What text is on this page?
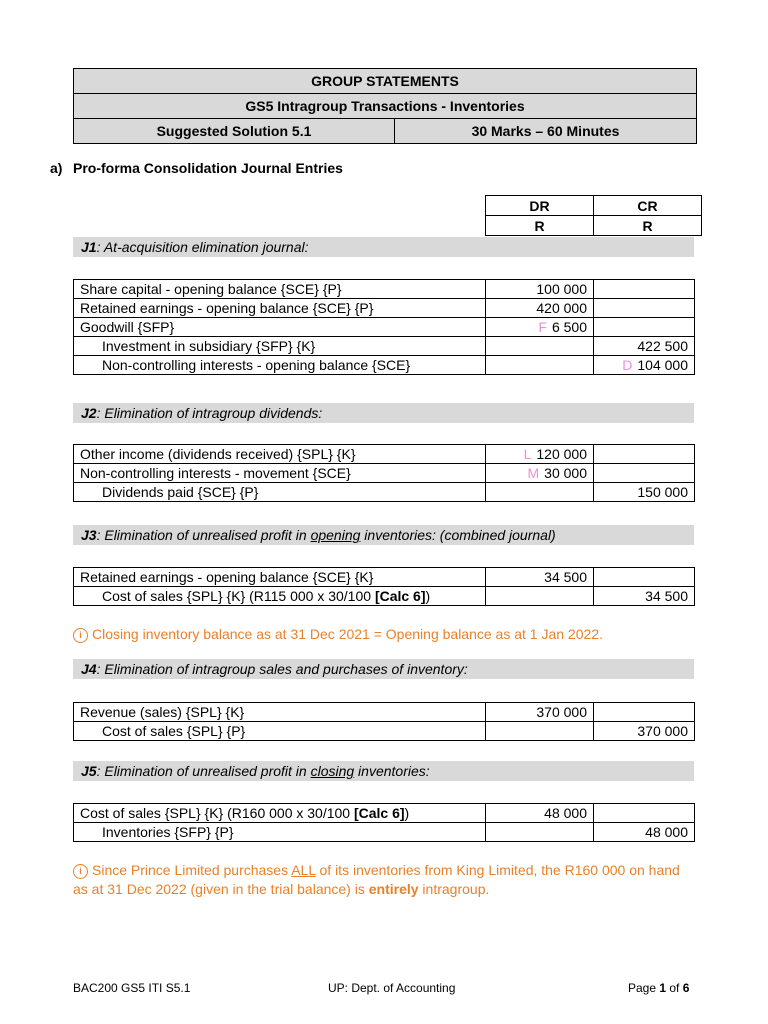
GROUP STATEMENTS
GS5 Intragroup Transactions - Inventories
Suggested Solution 5.1	30 Marks – 60 Minutes
a) Pro-forma Consolidation Journal Entries
DR	CR
R	R
J1: At-acquisition elimination journal:
Share capital - opening balance {SCE} {P}	100 000	
Retained earnings - opening balance {SCE} {P}	420 000	
Goodwill {SFP}	F 6 500	
Investment in subsidiary {SFP} {K}		422 500
Non-controlling interests - opening balance {SCE}		D 104 000
J2: Elimination of intragroup dividends:
Other income (dividends received) {SPL} {K}	L 120 000	
Non-controlling interests - movement {SCE}	M 30 000	
Dividends paid {SCE} {P}		150 000
J3: Elimination of unrealised profit in opening inventories: (combined journal)
Retained earnings - opening balance {SCE} {K}	34 500	
Cost of sales {SPL} {K} (R115 000 x 30/100 [Calc 6])		34 500
i Closing inventory balance as at 31 Dec 2021 = Opening balance as at 1 Jan 2022.
J4: Elimination of intragroup sales and purchases of inventory:
Revenue (sales) {SPL} {K}	370 000	
Cost of sales {SPL} {P}		370 000
J5: Elimination of unrealised profit in closing inventories:
Cost of sales {SPL} {K} (R160 000 x 30/100 [Calc 6])	48 000	
Inventories {SFP} {P}		48 000
i Since Prince Limited purchases ALL of its inventories from King Limited, the R160 000 on hand as at 31 Dec 2022 (given in the trial balance) is entirely intragroup.
BAC200 GS5 ITI S5.1	UP: Dept. of Accounting	Page 1 of 6
